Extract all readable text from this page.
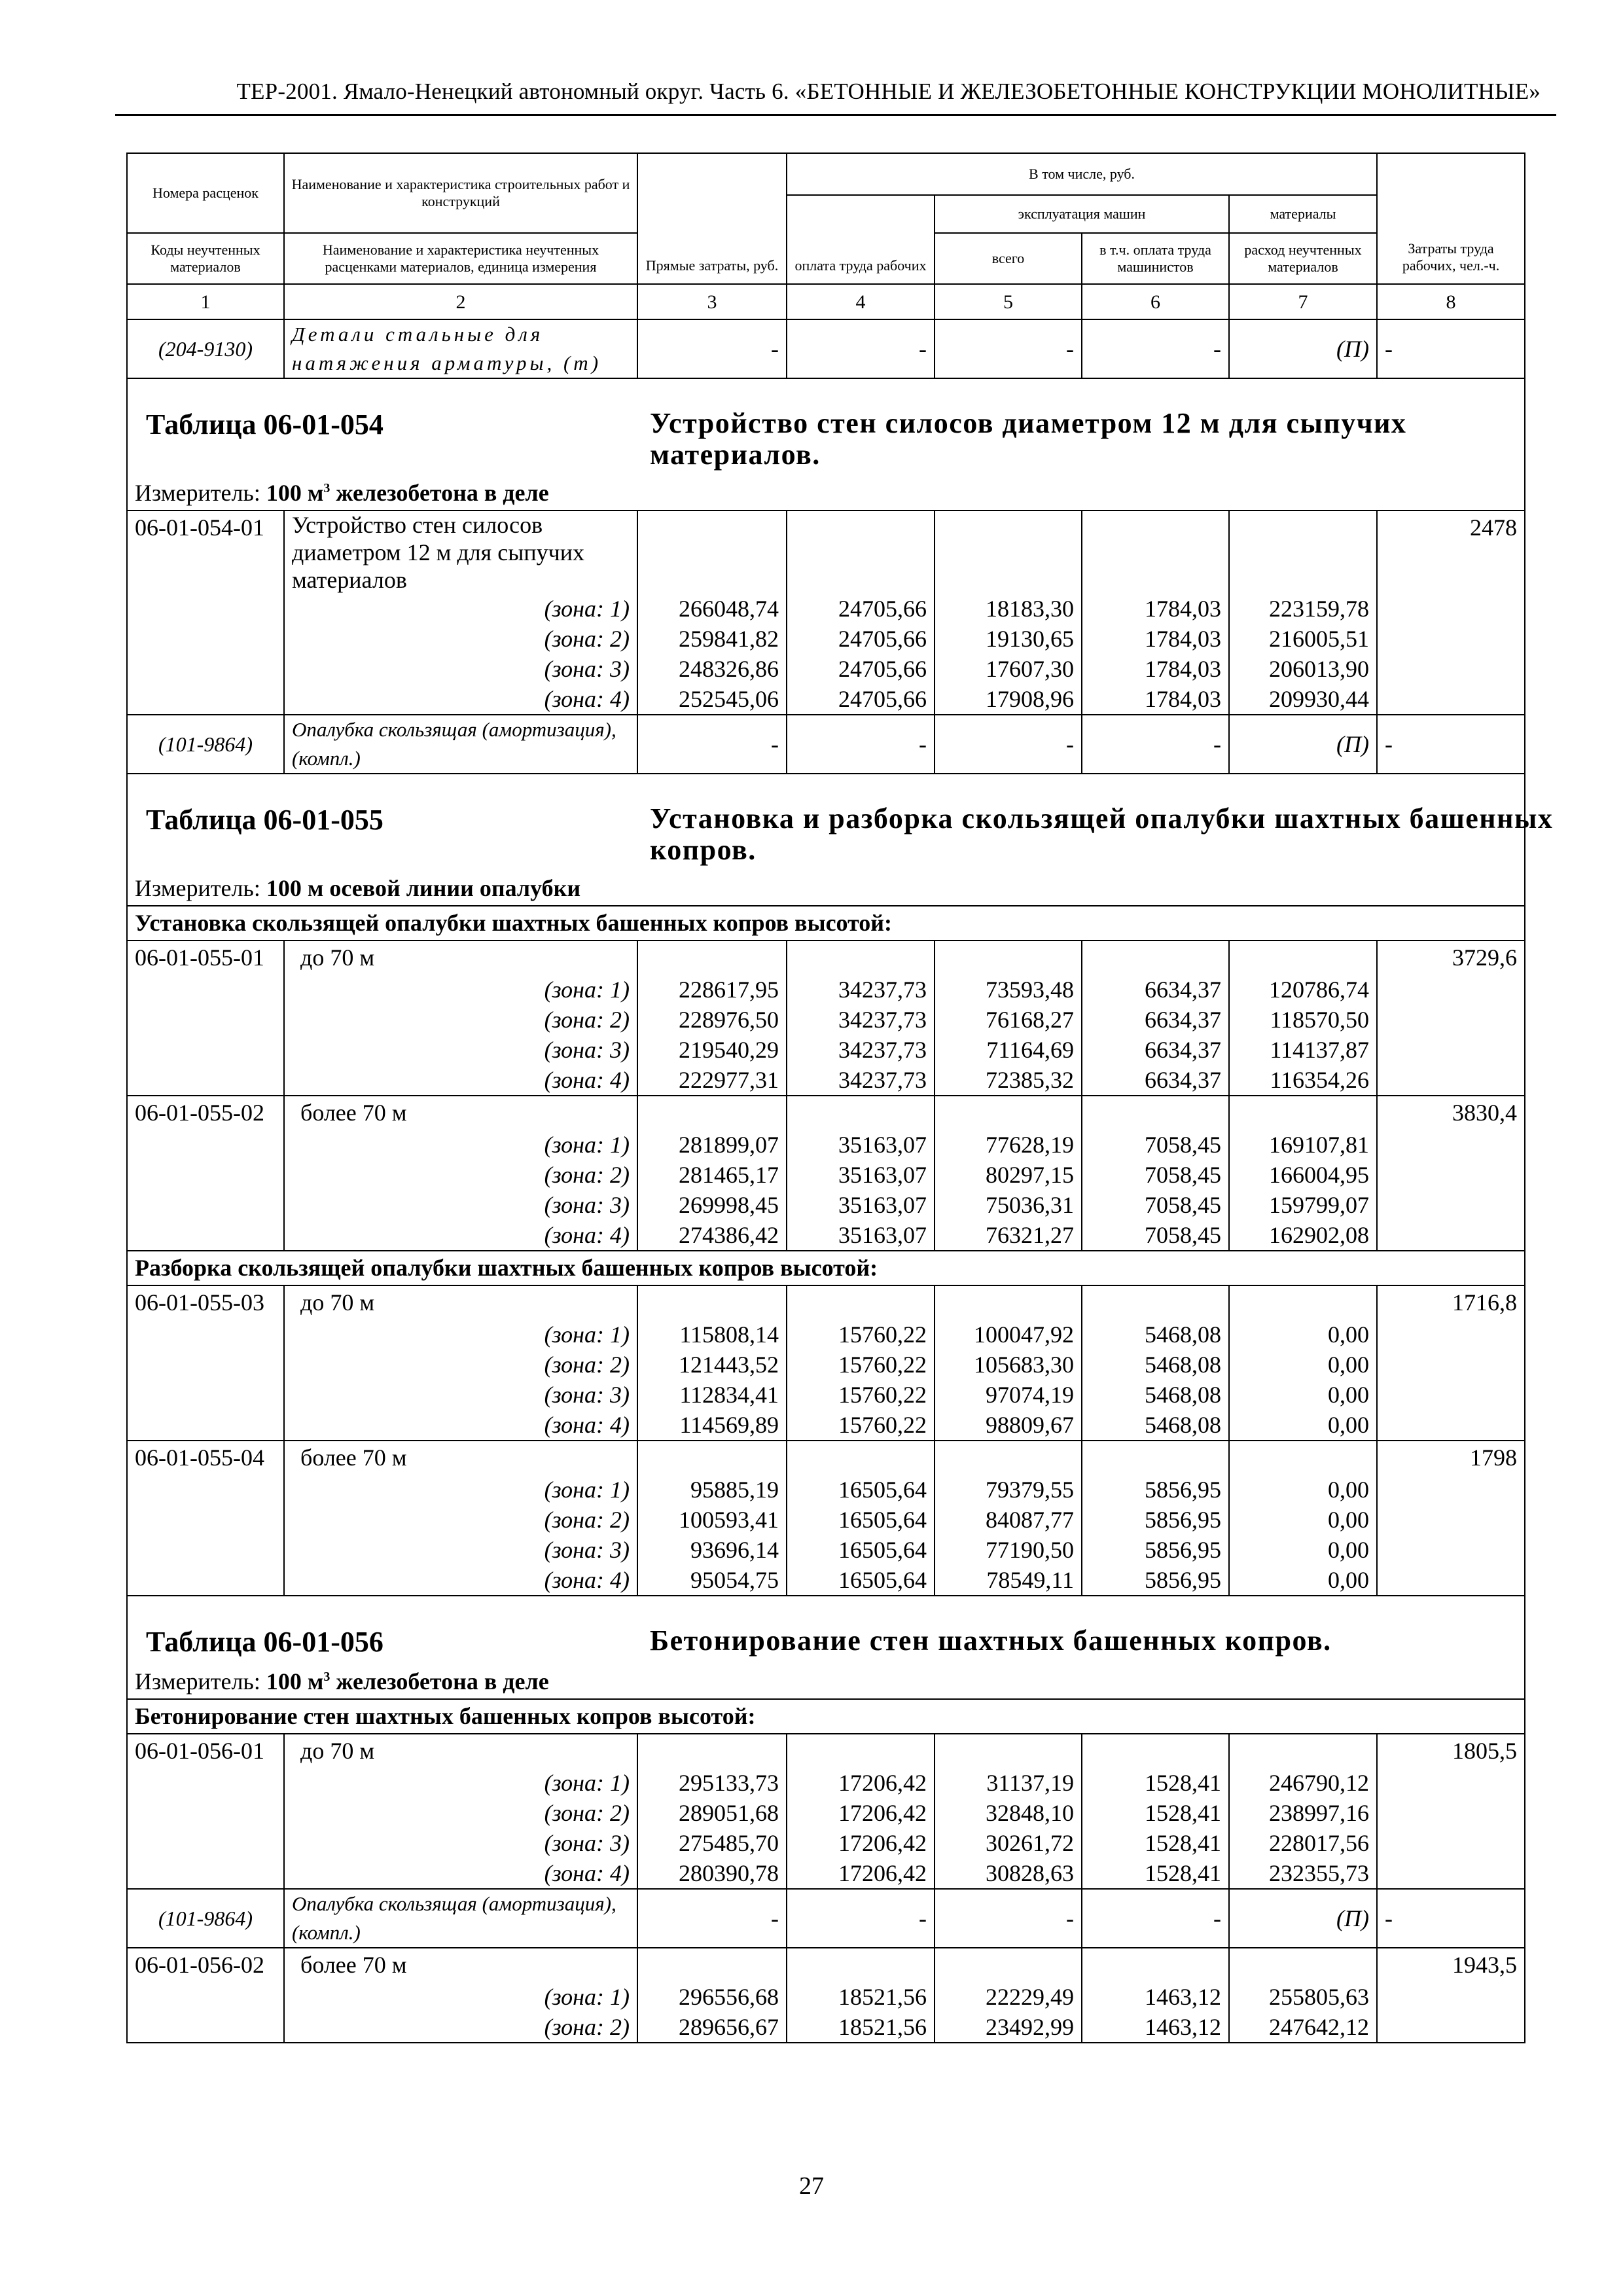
ТЕР-2001. Ямало-Ненецкий автономный округ. Часть 6. «БЕТОННЫЕ И ЖЕЛЕЗОБЕТОННЫЕ КОНСТРУКЦИИ МОНОЛИТНЫЕ»
Номера расценок	Наименование и характеристика строительных работ и конструкций	Прямые затраты, руб.	В том числе, руб.				Затраты труда рабочих, чел.-ч.
			оплата труда рабочих	эксплуатация машин		материалы	
Коды неучтенных материалов	Наименование и характеристика неучтенных расценками материалов, единица измерения			всего	в т.ч. оплата труда машинистов	расход неучтенных материалов	
1	2	3	4	5	6	7	8
(204-9130)	Детали стальные для натяжения арматуры, (т)	-	-	-	-	(П)	-

Таблица 06-01-054 Устройство стен силосов диаметром 12 м для сыпучих материалов.							

Измеритель: 100 $м^3$ железобетона в деле							
06-01-054-01	Устройство стен силосов диаметром 12 м для сыпучих материалов						2478
	(зона: 1)	266048,74	24705,66	18183,30	1784,03	223159,78	
	(зона: 2)	259841,82	24705,66	19130,65	1784,03	216005,51	
	(зона: 3)	248326,86	24705,66	17607,30	1784,03	206013,90	
	(зона: 4)	252545,06	24705,66	17908,96	1784,03	209930,44	
(101-9864)	Опалубка скользящая (амортизация), (компл.)	-	-	-	-	(П)	-

Таблица 06-01-055 Установка и разборка скользящей опалубки шахтных башенных копров.							

Измеритель: 100 м осевой линии опалубки							
Установка скользящей опалубки шахтных башенных копров высотой:							
06-01-055-01	до 70 м						3729,6
	(зона: 1)	228617,95	34237,73	73593,48	6634,37	120786,74	
	(зона: 2)	228976,50	34237,73	76168,27	6634,37	118570,50	
	(зона: 3)	219540,29	34237,73	71164,69	6634,37	114137,87	
	(зона: 4)	222977,31	34237,73	72385,32	6634,37	116354,26	
06-01-055-02	более 70 м						3830,4
	(зона: 1)	281899,07	35163,07	77628,19	7058,45	169107,81	
	(зона: 2)	281465,17	35163,07	80297,15	7058,45	166004,95	
	(зона: 3)	269998,45	35163,07	75036,31	7058,45	159799,07	
	(зона: 4)	274386,42	35163,07	76321,27	7058,45	162902,08	
Разборка скользящей опалубки шахтных башенных копров высотой:							
06-01-055-03	до 70 м						1716,8
	(зона: 1)	115808,14	15760,22	100047,92	5468,08	0,00	
	(зона: 2)	121443,52	15760,22	105683,30	5468,08	0,00	
	(зона: 3)	112834,41	15760,22	97074,19	5468,08	0,00	
	(зона: 4)	114569,89	15760,22	98809,67	5468,08	0,00	
06-01-055-04	более 70 м						1798
	(зона: 1)	95885,19	16505,64	79379,55	5856,95	0,00	
	(зона: 2)	100593,41	16505,64	84087,77	5856,95	0,00	
	(зона: 3)	93696,14	16505,64	77190,50	5856,95	0,00	
	(зона: 4)	95054,75	16505,64	78549,11	5856,95	0,00	

Таблица 06-01-056 Бетонирование стен шахтных башенных копров.							

Измеритель: 100 $м^3$ железобетона в деле							
Бетонирование стен шахтных башенных копров высотой:							
06-01-056-01	до 70 м						1805,5
	(зона: 1)	295133,73	17206,42	31137,19	1528,41	246790,12	
	(зона: 2)	289051,68	17206,42	32848,10	1528,41	238997,16	
	(зона: 3)	275485,70	17206,42	30261,72	1528,41	228017,56	
	(зона: 4)	280390,78	17206,42	30828,63	1528,41	232355,73	
(101-9864)	Опалубка скользящая (амортизация), (компл.)	-	-	-	-	(П)	-
06-01-056-02	более 70 м						1943,5
	(зона: 1)	296556,68	18521,56	22229,49	1463,12	255805,63	
	(зона: 2)	289656,67	18521,56	23492,99	1463,12	247642,12	
27
